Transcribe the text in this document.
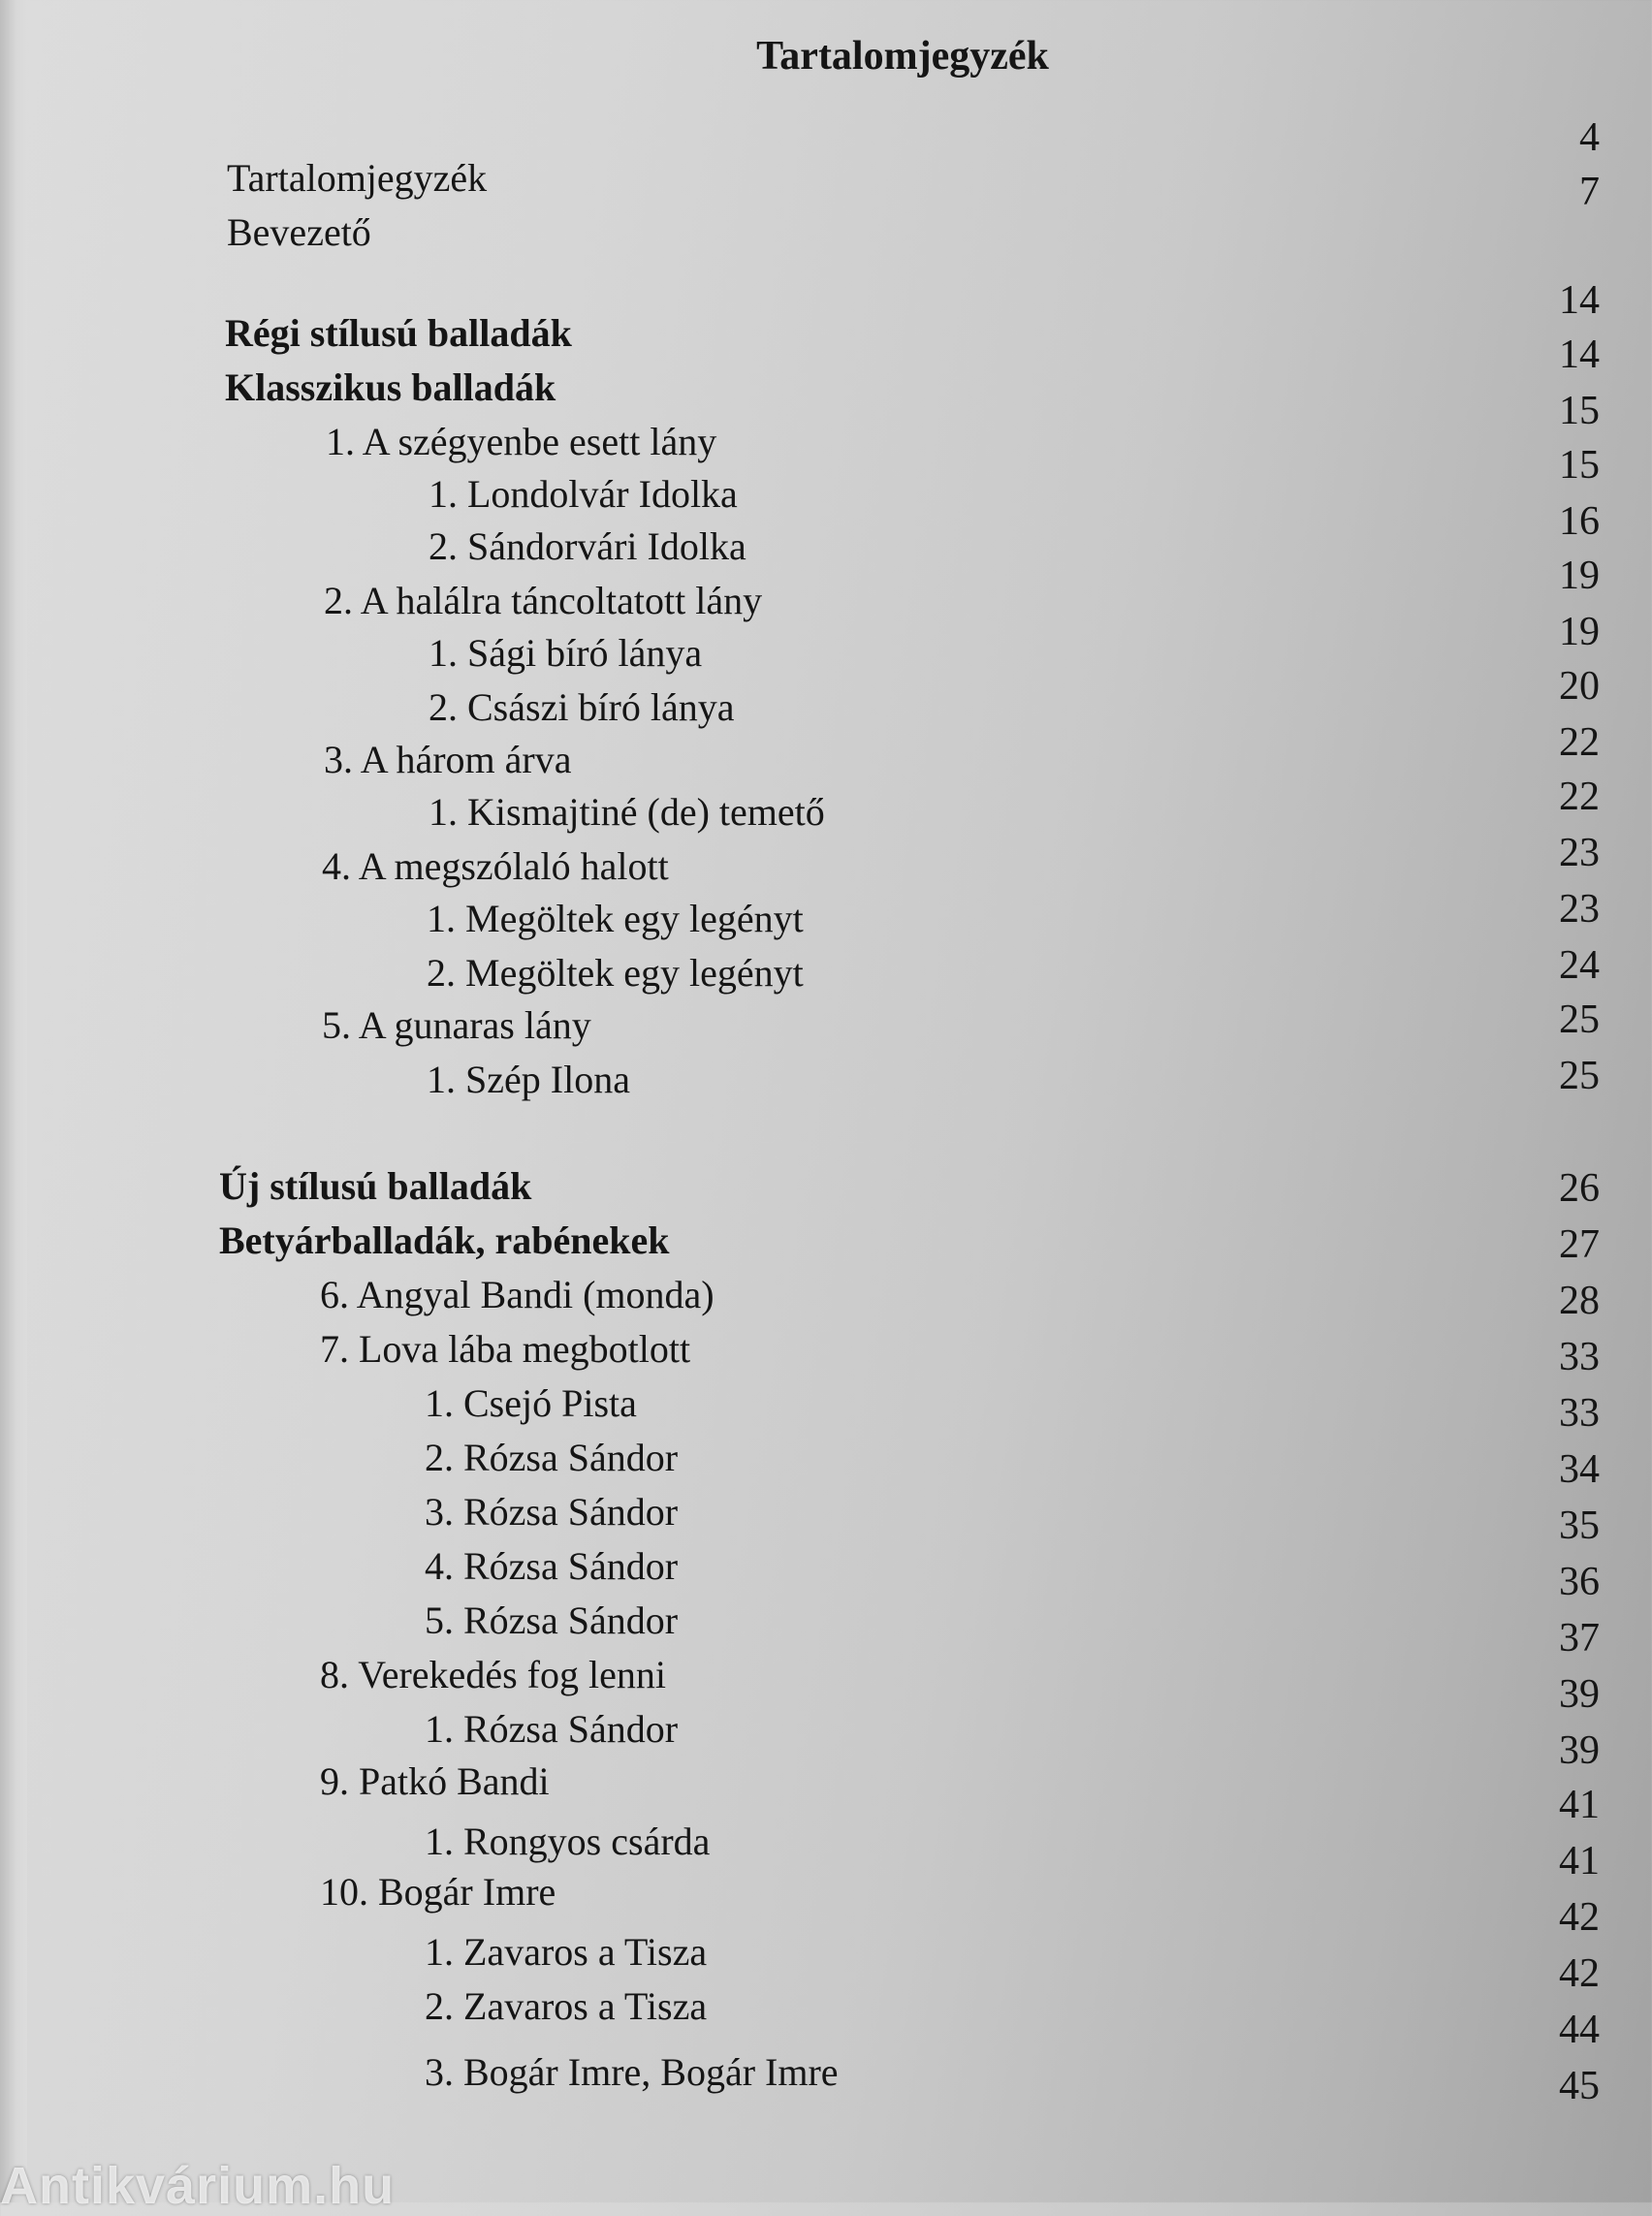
Tartalomjegyzék
Tartalomjegyzék
Bevezető
Régi stílusú balladák
Klasszikus balladák
1. A szégyenbe esett lány
1. Londolvár Idolka
2. Sándorvári Idolka
2. A halálra táncoltatott lány
1. Sági bíró lánya
2. Császi bíró lánya
3. A három árva
1. Kismajtiné (de) temető
4. A megszólaló halott
1. Megöltek egy legényt
2. Megöltek egy legényt
5. A gunaras lány
1. Szép Ilona
Új stílusú balladák
Betyárballadák, rabénekek
6. Angyal Bandi (monda)
7. Lova lába megbotlott
1. Csejó Pista
2. Rózsa Sándor
3. Rózsa Sándor
4. Rózsa Sándor
5. Rózsa Sándor
8. Verekedés fog lenni
1. Rózsa Sándor
9. Patkó Bandi
1. Rongyos csárda
10. Bogár Imre
1. Zavaros a Tisza
2. Zavaros a Tisza
3. Bogár Imre, Bogár Imre
4
7
14
14
15
15
16
19
19
20
22
22
23
23
24
25
25
26
27
28
33
33
34
35
36
37
39
39
41
41
42
42
44
45
Antikvárium.hu
